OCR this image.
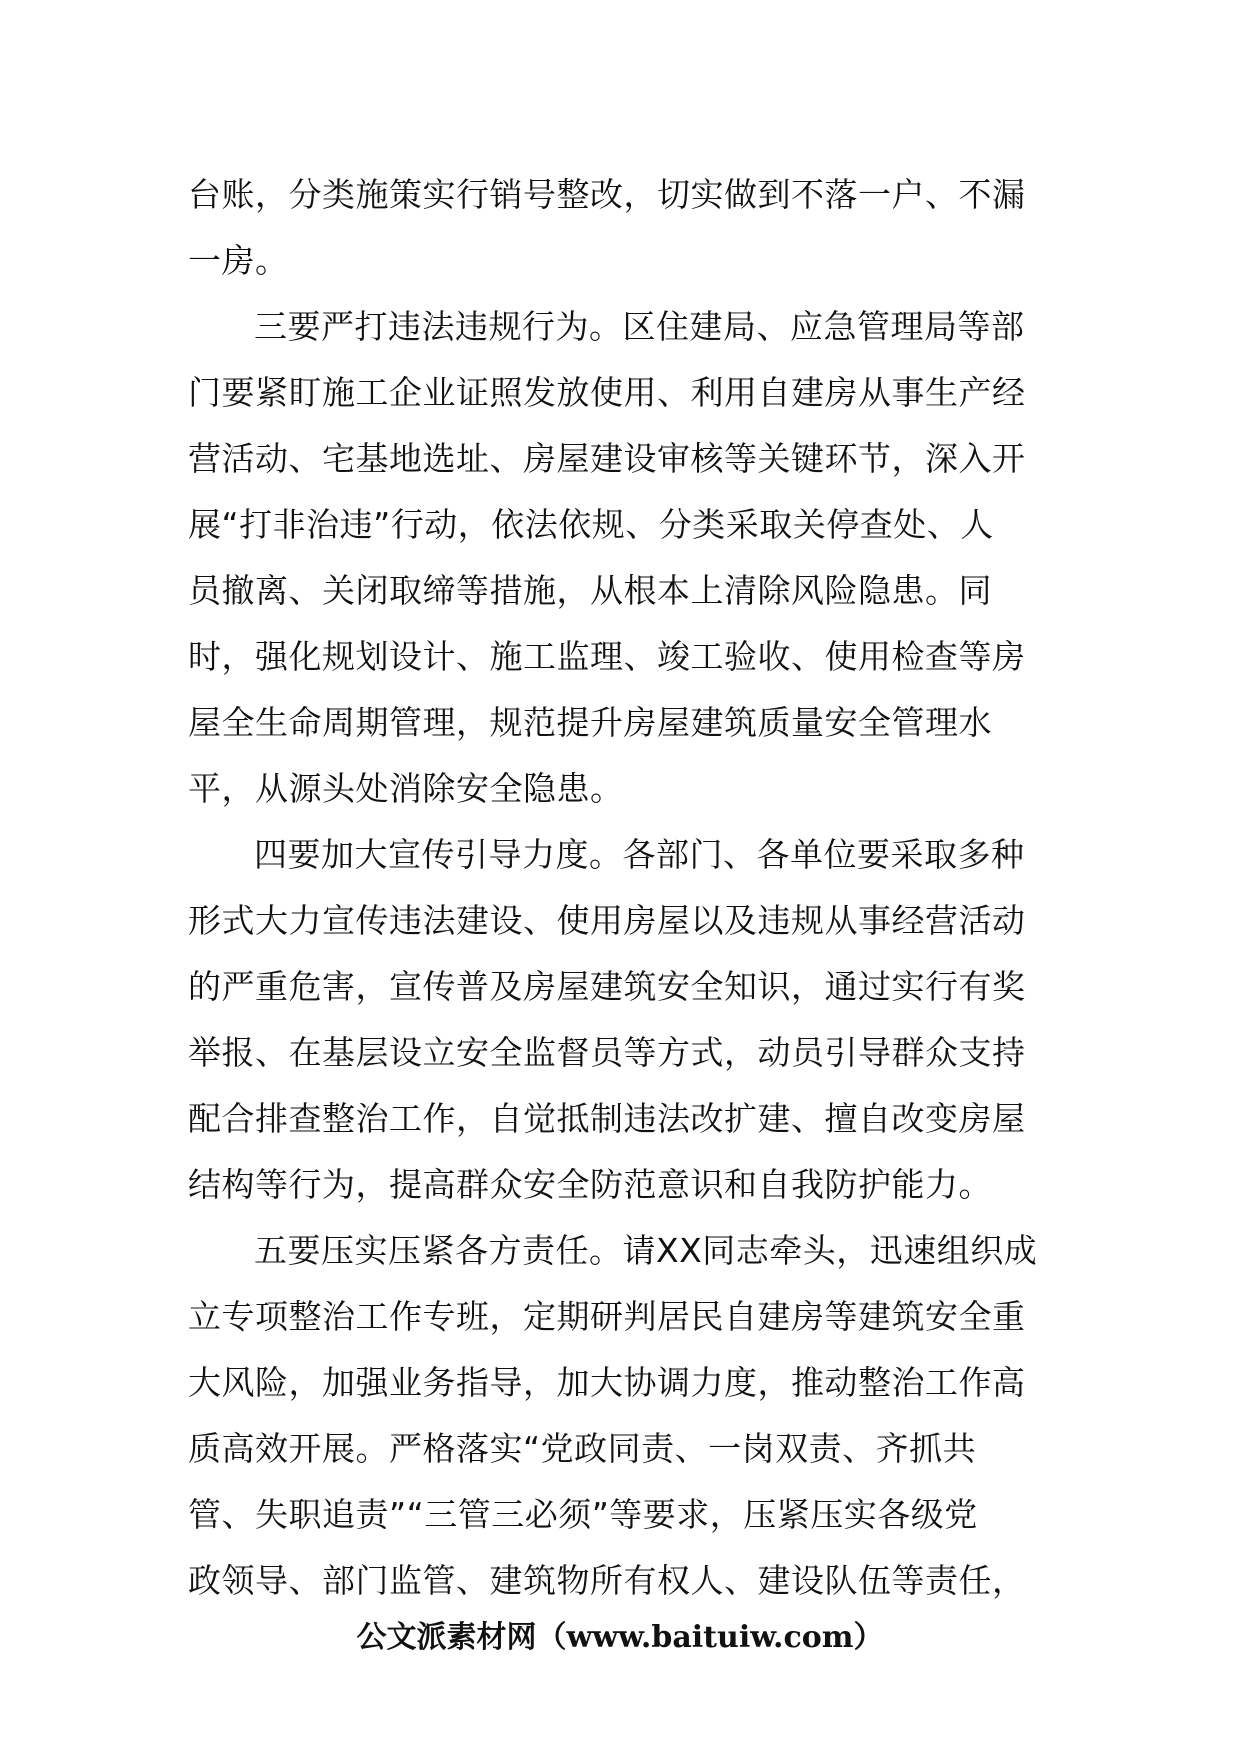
台账，分类施策实行销号整改，切实做到不落一户、不漏
一房。
三要严打违法违规行为。区住建局、应急管理局等部
门要紧盯施工企业证照发放使用、利用自建房从事生产经
营活动、宅基地选址、房屋建设审核等关键环节，深入开
展“打非治违”行动，依法依规、分类采取关停查处、人
员撤离、关闭取缔等措施，从根本上清除风险隐患。同
时，强化规划设计、施工监理、竣工验收、使用检查等房
屋全生命周期管理，规范提升房屋建筑质量安全管理水
平，从源头处消除安全隐患。
四要加大宣传引导力度。各部门、各单位要采取多种
形式大力宣传违法建设、使用房屋以及违规从事经营活动
的严重危害，宣传普及房屋建筑安全知识，通过实行有奖
举报、在基层设立安全监督员等方式，动员引导群众支持
配合排查整治工作，自觉抵制违法改扩建、擅自改变房屋
结构等行为，提高群众安全防范意识和自我防护能力。
五要压实压紧各方责任。请XX同志牵头，迅速组织成
立专项整治工作专班，定期研判居民自建房等建筑安全重
大风险，加强业务指导，加大协调力度，推动整治工作高
质高效开展。严格落实“党政同责、一岗双责、齐抓共
管、失职追责”“三管三必须”等要求，压紧压实各级党
政领导、部门监管、建筑物所有权人、建设队伍等责任，
公文派素材网（www.baituiw.com）
